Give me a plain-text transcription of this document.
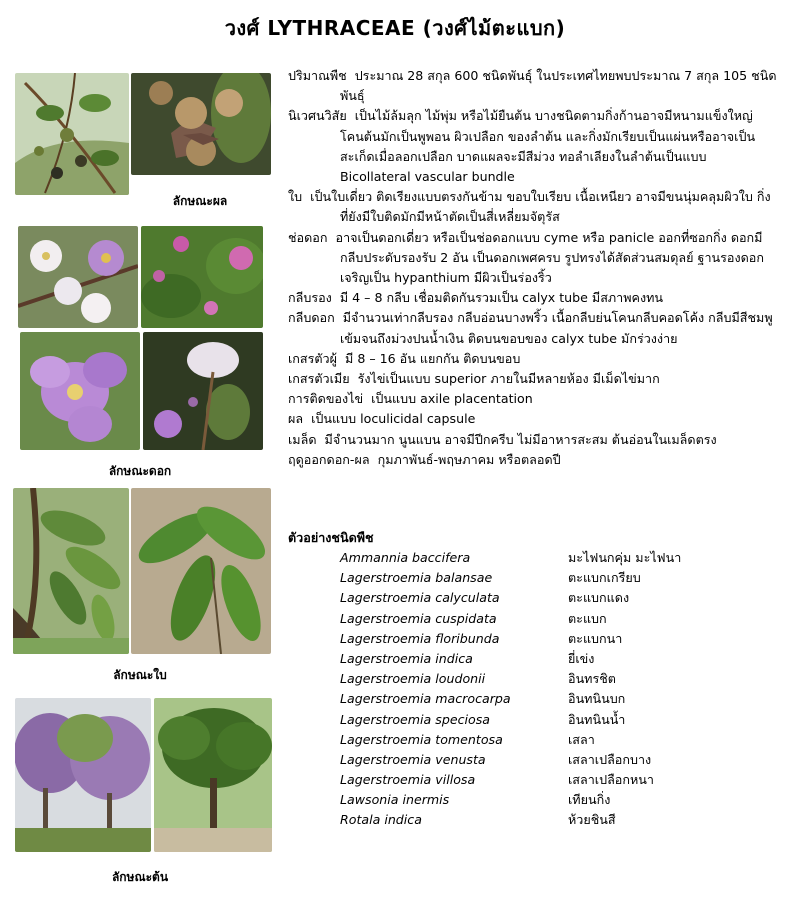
วงศ์ LYTHRACEAE (วงศ์ไม้ตะแบก)
ลักษณะผล
ลักษณะดอก
ลักษณะใบ
ลักษณะต้น

ปริมาณพืช ประมาณ 28 สกุล 600 ชนิดพันธุ์ ในประเทศไทยพบประมาณ 7 สกุล 105 ชนิดพันธุ์

นิเวศนวิสัย เป็นไม้ล้มลุก ไม้พุ่ม หรือไม้ยืนต้น บางชนิดตามกิ่งก้านอาจมีหนามแข็งใหญ่ โคนต้นมักเป็นพูพอน ผิวเปลือก ของลำต้น และกิ่งมักเรียบเป็นแผ่นหรืออาจเป็นสะเก็ดเมื่อลอกเปลือก บาดแผลจะมีสีม่วง ทอลำเลียงในลำต้นเป็นแบบ Bicollateral vascular bundle

ใบ เป็นใบเดี่ยว ติดเรียงแบบตรงกันข้าม ขอบใบเรียบ เนื้อเหนียว อาจมีขนนุ่มคลุมผิวใบ กิ่งที่ยังมีใบติดมักมีหน้าตัดเป็นสี่เหลี่ยมจัตุรัส

ช่อดอก อาจเป็นดอกเดี่ยว หรือเป็นช่อดอกแบบ cyme หรือ panicle ออกที่ซอกกิ่ง ดอกมีกลีบประดับรองรับ 2 อัน เป็นดอกเพศครบ รูปทรงได้สัดส่วนสมดุลย์ ฐานรองดอกเจริญเป็น hypanthium มีผิวเป็นร่องริ้ว

กลีบรอง มี 4 – 8 กลีบ เชื่อมติดกันรวมเป็น calyx tube มีสภาพคงทน

กลีบดอก มีจำนวนเท่ากลีบรอง กลีบอ่อนบางพริ้ว เนื้อกลีบย่นโคนกลีบคอดโค้ง กลีบมีสีชมพูเข้มจนถึงม่วงปนน้ำเงิน ติดบนขอบของ calyx tube มักร่วงง่าย

เกสรตัวผู้ มี 8 – 16 อัน แยกกัน ติดบนขอบ

เกสรตัวเมีย รังไข่เป็นแบบ superior ภายในมีหลายห้อง มีเม็ดไข่มาก

การติดของไข่ เป็นแบบ axile placentation

ผล เป็นแบบ loculicidal capsule

เมล็ด มีจำนวนมาก นูนแบน อาจมีปีกครีบ ไม่มีอาหารสะสม ต้นอ่อนในเมล็ดตรง

ฤดูออกดอก-ผล กุมภาพันธ์-พฤษภาคม หรือตลอดปี

ตัวอย่างชนิดพืช
Ammannia baccifera	มะไฟนกคุ่ม มะไฟนา
Lagerstroemia balansae	ตะแบกเกรียบ
Lagerstroemia calyculata	ตะแบกแดง
Lagerstroemia cuspidata	ตะแบก
Lagerstroemia floribunda	ตะแบกนา
Lagerstroemia indica	ยี่เข่ง
Lagerstroemia loudonii	อินทรชิต
Lagerstroemia macrocarpa	อินทนินบก
Lagerstroemia speciosa	อินทนินน้ำ
Lagerstroemia tomentosa	เสลา
Lagerstroemia venusta	เสลาเปลือกบาง
Lagerstroemia villosa	เสลาเปลือกหนา
Lawsonia inermis	เทียนกิ่ง
Rotala indica	ห้วยชินสี
